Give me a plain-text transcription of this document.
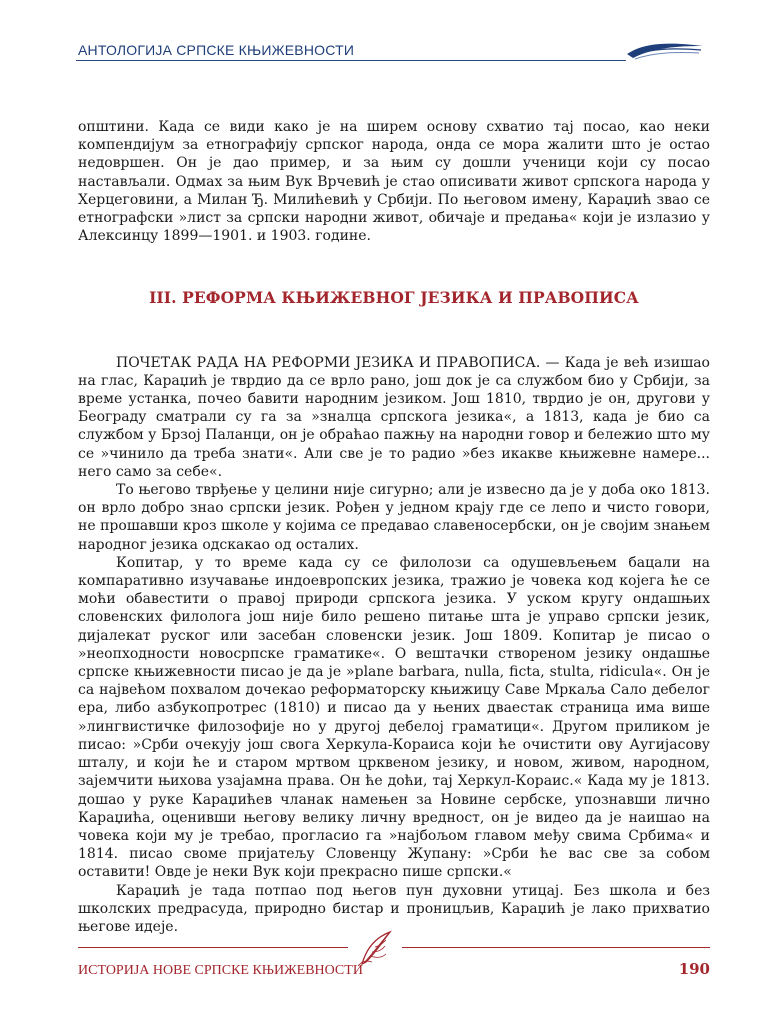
АНТОЛОГИЈА СРПСКЕ КЊИЖЕВНОСТИ

општини. Када се види како је на ширем основу схватио тај посао, као неки компендијум за етнографију српског народа, онда се мора жалити што је остао недовршен. Он је дао пример, и за њим су дошли ученици који су посао настављали. Одмах за њим Вук Врчевић је стао описивати живот српскога народа у Херцеговини, а Милан Ђ. Милићевић у Србији. По његовом имену, Караџић звао се етнографски »лист за српски народни живот, обичаје и предања« који је излазио у Алексинцу 1899—1901. и 1903. године.

III. РЕФОРМА КЊИЖЕВНОГ ЈЕЗИКА И ПРАВОПИСА

ПОЧЕТАК РАДА НА РЕФОРМИ ЈЕЗИКА И ПРАВОПИСА. — Када је већ изишао на глас, Караџић је тврдио да се врло рано, још док је са службом био у Србији, за време устанка, почео бавити народним језиком. Још 1810, тврдио је он, другови у Београду сматрали су га за »зналца српскога језика«, а 1813, када је био са службом у Брзој Паланци, он је обраћао пажњу на народни говор и бележио што му се »чинило да треба знати«. Али све је то радио »без икакве књижевне намере... него само за себе«.

То његово тврђење у целини није сигурно; али је извесно да је у доба око 1813. он врло добро знао српски језик. Рођен у једном крају где се лепо и чисто говори, не прошавши кроз школе у којима се предавао славеносербски, он је својим знањем народног језика одскакао од осталих.

Копитар, у то време када су се филолози са одушевљењем бацали на компаративно изучавање индоевропских језика, тражио је човека код којега ће се моћи обавестити о правој природи српскога језика. У уском кругу ондашњих словенских филолога још није било решено питање шта је управо српски језик, дијалекат руског или засебан словенски језик. Још 1809. Копитар је писао о »неопходности новосрпске граматике«. О вештачки створеном језику ондашње српске књижевности писао је да је »plane barbara, nulla, ficta, stulta, ridicula«. Он је са највећом похвалом дочекао реформаторску књижицу Саве Мркаља Сало дебелог ера, либо азбукопротрес (1810) и писао да у њених дваестак страница има више »лингвистичке филозофије но у другој дебелој граматици«. Другом приликом је писао: »Срби очекују још свога Херкула-Кораиса који ће очистити ову Аугијасову шталу, и који ће и старом мртвом црквеном језику, и новом, живом, народном, зајемчити њихова узајамна права. Он ће доћи, тај Херкул-Кораис.« Када му је 1813. дошао у руке Караџићев чланак намењен за Новине сербске, упознавши лично Караџића, оценивши његову велику личну вредност, он је видео да је наишао на човека који му је требао, прогласио га »најбољом главом међу свима Србима« и 1814. писао своме пријатељу Словенцу Жупану: »Срби ће вас све за собом оставити! Овде је неки Вук који прекрасно пише српски.«

Караџић је тада потпао под његов пун духовни утицај. Без школа и без школских предрасуда, природно бистар и проницљив, Караџић је лако прихватио његове идеје.

ИСТОРИЈА НОВЕ СРПСКЕ КЊИЖЕВНОСТИ	190
